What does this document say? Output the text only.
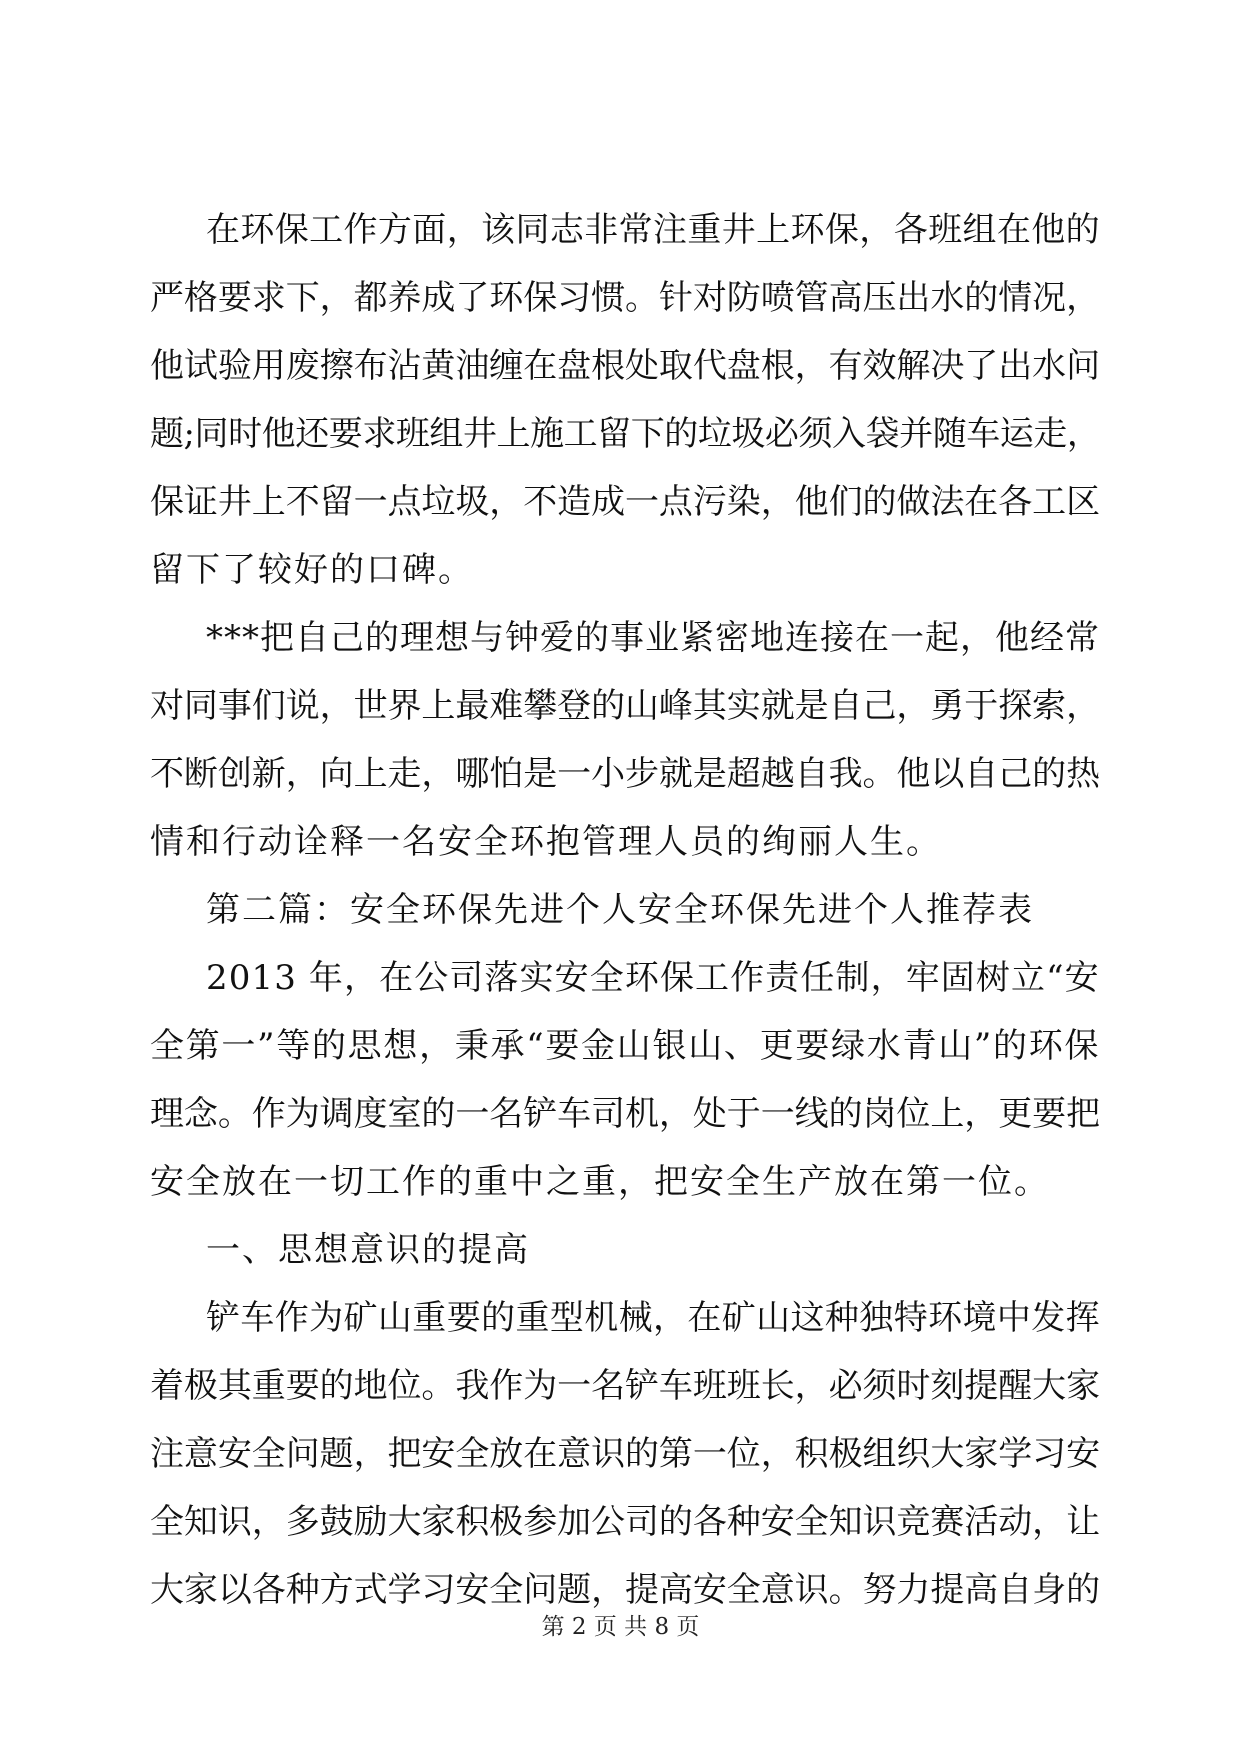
在环保工作方面，该同志非常注重井上环保，各班组在他的
严格要求下，都养成了环保习惯。针对防喷管高压出水的情况，
他试验用废擦布沾黄油缠在盘根处取代盘根，有效解决了出水问
题;同时他还要求班组井上施工留下的垃圾必须入袋并随车运走，
保证井上不留一点垃圾，不造成一点污染，他们的做法在各工区
留下了较好的口碑。
***把自己的理想与钟爱的事业紧密地连接在一起，他经常
对同事们说，世界上最难攀登的山峰其实就是自己，勇于探索，
不断创新，向上走，哪怕是一小步就是超越自我。他以自己的热
情和行动诠释一名安全环抱管理人员的绚丽人生。
第二篇：安全环保先进个人安全环保先进个人推荐表
2013 年，在公司落实安全环保工作责任制，牢固树立“安
全第一”等的思想，秉承“要金山银山、更要绿水青山”的环保
理念。作为调度室的一名铲车司机，处于一线的岗位上，更要把
安全放在一切工作的重中之重，把安全生产放在第一位。
一、思想意识的提高
铲车作为矿山重要的重型机械，在矿山这种独特环境中发挥
着极其重要的地位。我作为一名铲车班班长，必须时刻提醒大家
注意安全问题，把安全放在意识的第一位，积极组织大家学习安
全知识，多鼓励大家积极参加公司的各种安全知识竞赛活动，让
大家以各种方式学习安全问题，提高安全意识。努力提高自身的
第 2 页 共 8 页
